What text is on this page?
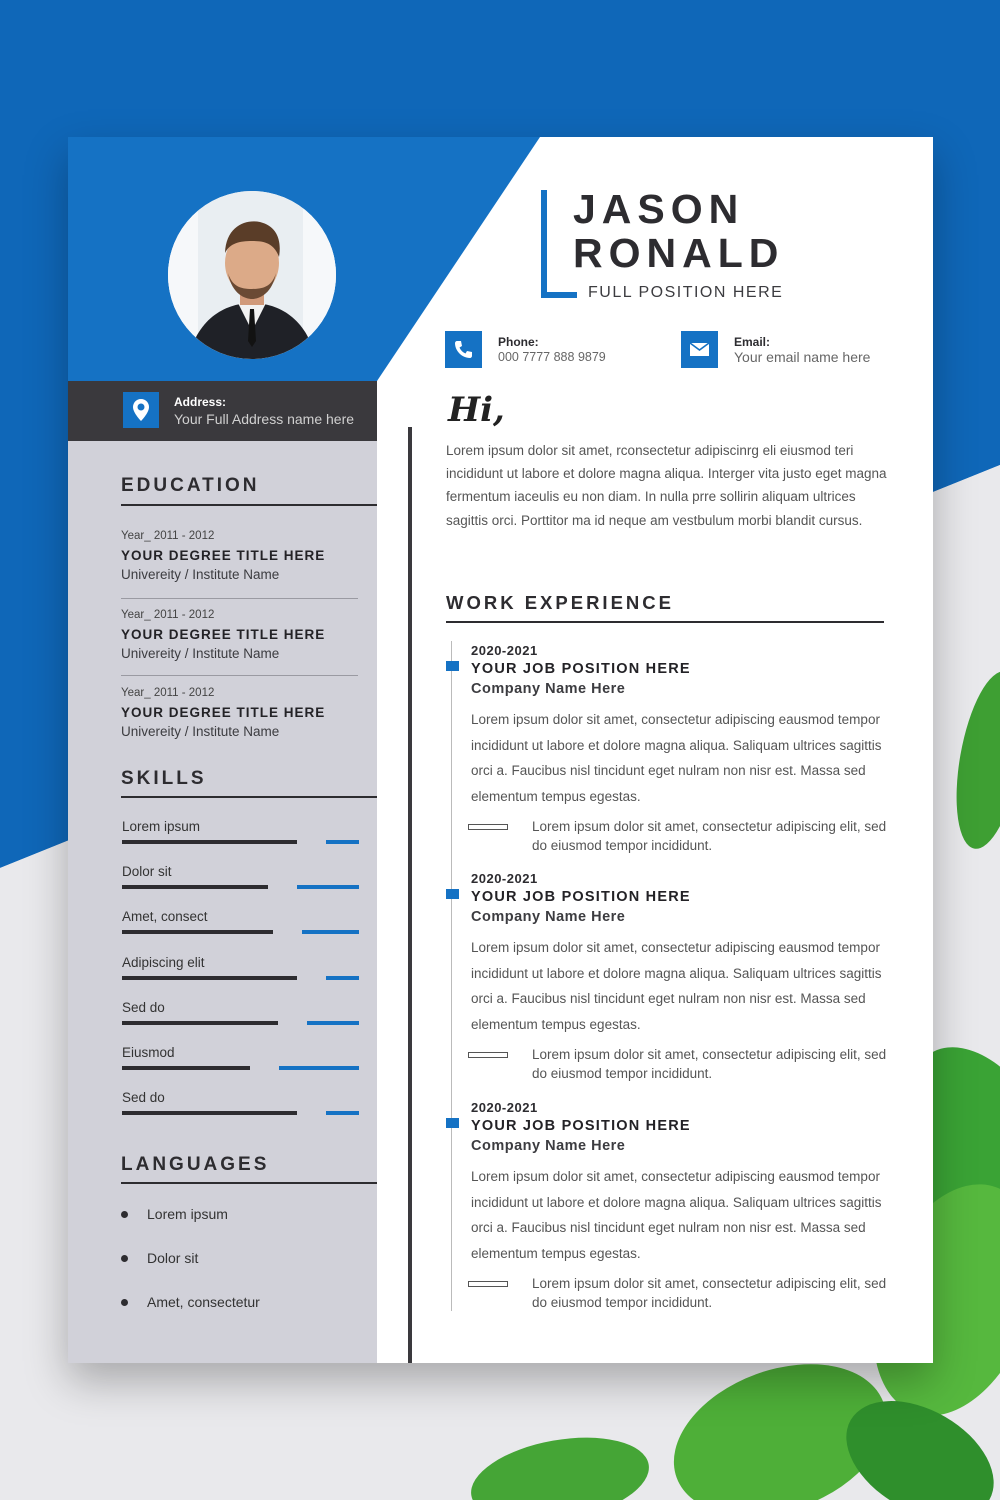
Address:
Your Full Address name here
EDUCATION
Year_ 2011 - 2012
YOUR DEGREE TITLE HERE
Univereity / Institute Name
Year_ 2011 - 2012
YOUR DEGREE TITLE HERE
Univereity / Institute Name
Year_ 2011 - 2012
YOUR DEGREE TITLE HERE
Univereity / Institute Name
SKILLS
Lorem ipsum
Dolor sit
Amet, consect
Adipiscing elit
Sed do
Eiusmod
Sed do
LANGUAGES
Lorem ipsum
Dolor sit
Amet, consectetur
JASON
RONALD
FULL POSITION HERE
Phone:
000 7777 888 9879
Email:
Your email name here
Hi,
Lorem ipsum dolor sit amet, rconsectetur adipiscinrg eli eiusmod teri incididunt ut labore et dolore magna aliqua. Interger vita justo eget magna fermentum iaceulis eu non diam. In nulla prre sollirin aliquam ultrices sagittis orci. Porttitor ma id neque am vestbulum morbi blandit cursus.
WORK EXPERIENCE
2020-2021
YOUR JOB POSITION HERE
Company Name Here
Lorem ipsum dolor sit amet, consectetur adipiscing eausmod tempor incididunt ut labore et dolore magna aliqua. Saliquam ultrices sagittis orci a. Faucibus nisl tincidunt eget nulram non nisr est. Massa sed elementum tempus egestas.
Lorem ipsum dolor sit amet, consectetur adipiscing elit, sed do eiusmod tempor incididunt.
2020-2021
YOUR JOB POSITION HERE
Company Name Here
Lorem ipsum dolor sit amet, consectetur adipiscing eausmod tempor incididunt ut labore et dolore magna aliqua. Saliquam ultrices sagittis orci a. Faucibus nisl tincidunt eget nulram non nisr est. Massa sed elementum tempus egestas.
Lorem ipsum dolor sit amet, consectetur adipiscing elit, sed do eiusmod tempor incididunt.
2020-2021
YOUR JOB POSITION HERE
Company Name Here
Lorem ipsum dolor sit amet, consectetur adipiscing eausmod tempor incididunt ut labore et dolore magna aliqua. Saliquam ultrices sagittis orci a. Faucibus nisl tincidunt eget nulram non nisr est. Massa sed elementum tempus egestas.
Lorem ipsum dolor sit amet, consectetur adipiscing elit, sed do eiusmod tempor incididunt.
